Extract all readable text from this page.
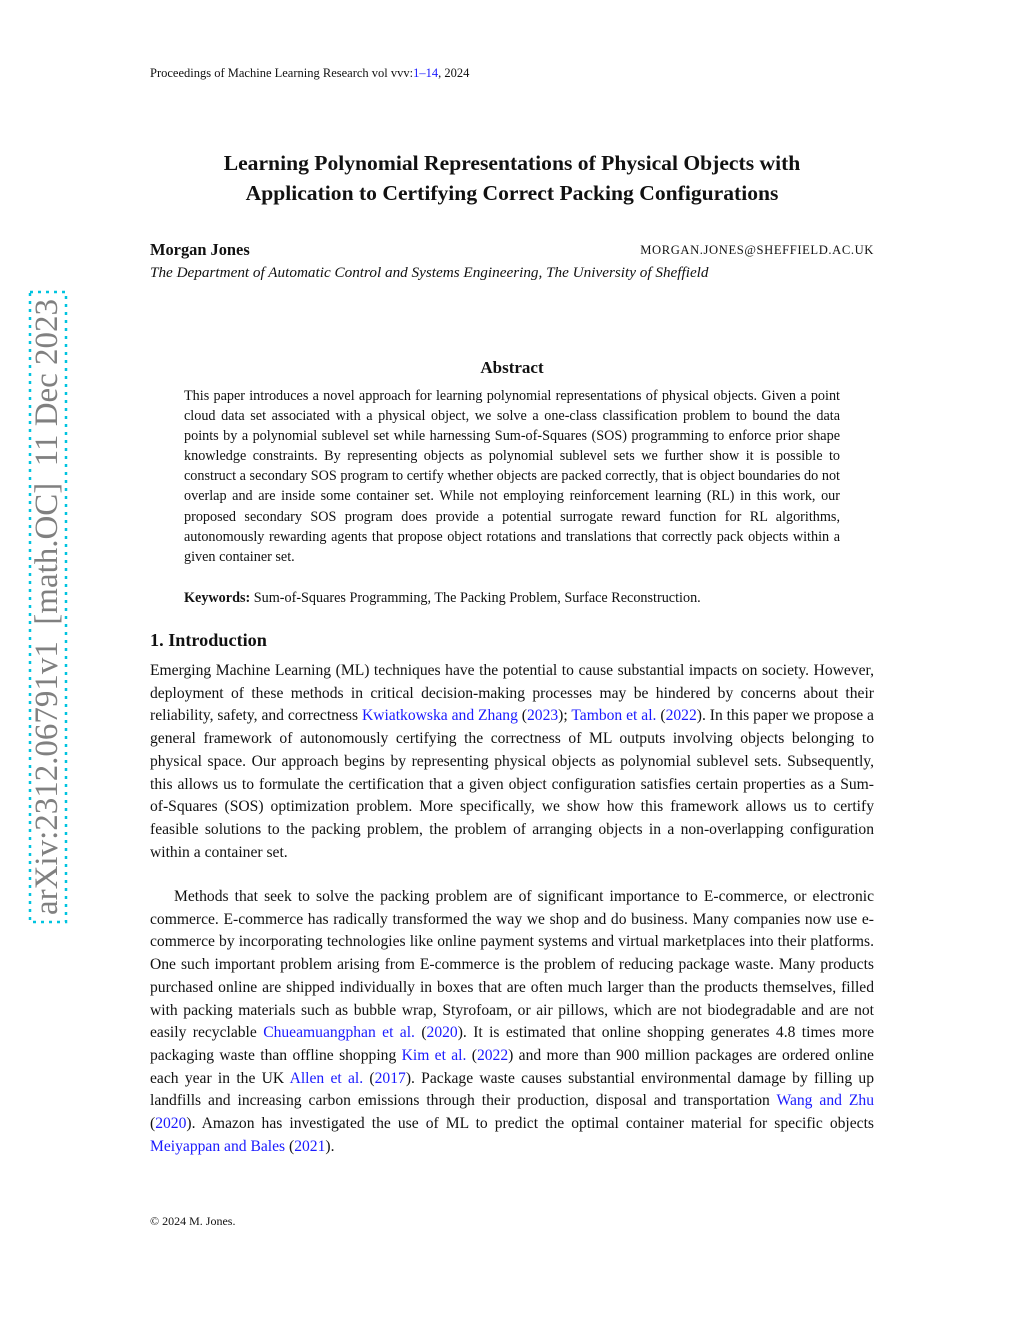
arXiv:2312.06791v1  [math.OC]  11 Dec 2023
Proceedings of Machine Learning Research vol vvv:1–14, 2024
Learning Polynomial Representations of Physical Objects with
Application to Certifying Correct Packing Configurations
Morgan Jones	MORGAN.JONES@SHEFFIELD.AC.UK
The Department of Automatic Control and Systems Engineering, The University of Sheffield
Abstract
This paper introduces a novel approach for learning polynomial representations of physical objects. Given a point cloud data set associated with a physical object, we solve a one-class classification problem to bound the data points by a polynomial sublevel set while harnessing Sum-of-Squares (SOS) programming to enforce prior shape knowledge constraints. By representing objects as polynomial sublevel sets we further show it is possible to construct a secondary SOS program to certify whether objects are packed correctly, that is object boundaries do not overlap and are inside some container set. While not employing reinforcement learning (RL) in this work, our proposed secondary SOS program does provide a potential surrogate reward function for RL algorithms, autonomously rewarding agents that propose object rotations and translations that correctly pack objects within a given container set.
Keywords: Sum-of-Squares Programming, The Packing Problem, Surface Reconstruction.
1. Introduction
Emerging Machine Learning (ML) techniques have the potential to cause substantial impacts on society. However, deployment of these methods in critical decision-making processes may be hindered by concerns about their reliability, safety, and correctness Kwiatkowska and Zhang (2023); Tambon et al. (2022). In this paper we propose a general framework of autonomously certifying the correctness of ML outputs involving objects belonging to physical space. Our approach begins by representing physical objects as polynomial sublevel sets. Subsequently, this allows us to formulate the certification that a given object configuration satisfies certain properties as a Sum-of-Squares (SOS) optimization problem. More specifically, we show how this framework allows us to certify feasible solutions to the packing problem, the problem of arranging objects in a non-overlapping configuration within a container set.
Methods that seek to solve the packing problem are of significant importance to E-commerce, or electronic commerce. E-commerce has radically transformed the way we shop and do business. Many companies now use e-commerce by incorporating technologies like online payment systems and virtual marketplaces into their platforms. One such important problem arising from E-commerce is the problem of reducing package waste. Many products purchased online are shipped individually in boxes that are often much larger than the products themselves, filled with packing materials such as bubble wrap, Styrofoam, or air pillows, which are not biodegradable and are not easily recyclable Chueamuangphan et al. (2020). It is estimated that online shopping generates 4.8 times more packaging waste than offline shopping Kim et al. (2022) and more than 900 million packages are ordered online each year in the UK Allen et al. (2017). Package waste causes substantial environmental damage by filling up landfills and increasing carbon emissions through their production, disposal and transportation Wang and Zhu (2020). Amazon has investigated the use of ML to predict the optimal container material for specific objects Meiyappan and Bales (2021).
© 2024 M. Jones.
